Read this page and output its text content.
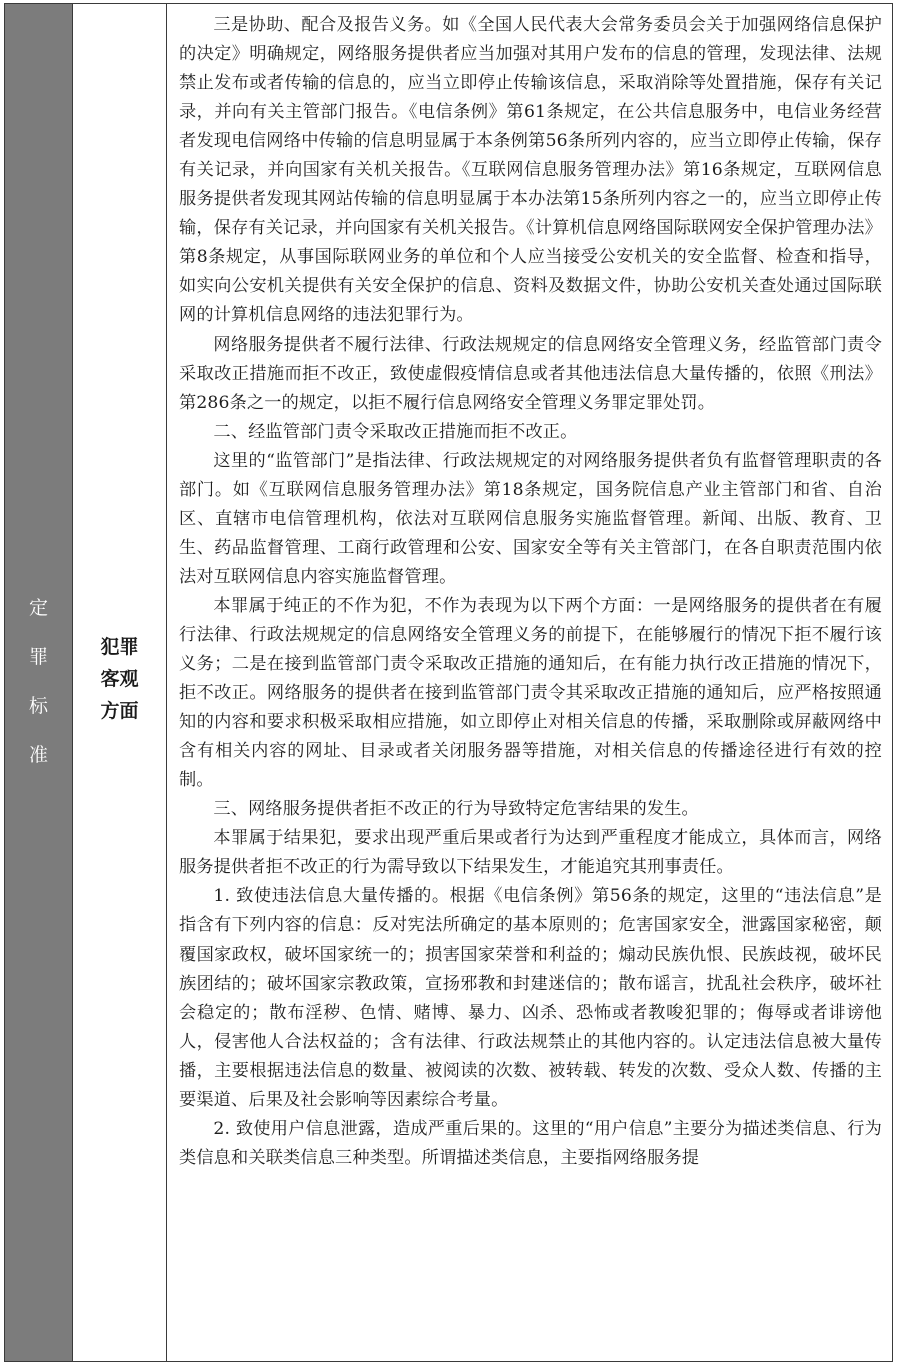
定
罪
标
准
犯罪
客观
方面

三是协助、配合及报告义务。如《全国人民代表大会常务委员会关于加强网络信息保护的决定》明确规定，网络服务提供者应当加强对其用户发布的信息的管理，发现法律、法规禁止发布或者传输的信息的，应当立即停止传输该信息，采取消除等处置措施，保存有关记录，并向有关主管部门报告。《电信条例》第61条规定，在公共信息服务中，电信业务经营者发现电信网络中传输的信息明显属于本条例第56条所列内容的，应当立即停止传输，保存有关记录，并向国家有关机关报告。《互联网信息服务管理办法》第16条规定，互联网信息服务提供者发现其网站传输的信息明显属于本办法第15条所列内容之一的，应当立即停止传输，保存有关记录，并向国家有关机关报告。《计算机信息网络国际联网安全保护管理办法》第8条规定，从事国际联网业务的单位和个人应当接受公安机关的安全监督、检查和指导，如实向公安机关提供有关安全保护的信息、资料及数据文件，协助公安机关查处通过国际联网的计算机信息网络的违法犯罪行为。

网络服务提供者不履行法律、行政法规规定的信息网络安全管理义务，经监管部门责令采取改正措施而拒不改正，致使虚假疫情信息或者其他违法信息大量传播的，依照《刑法》第286条之一的规定，以拒不履行信息网络安全管理义务罪定罪处罚。

二、经监管部门责令采取改正措施而拒不改正。

这里的“监管部门”是指法律、行政法规规定的对网络服务提供者负有监督管理职责的各部门。如《互联网信息服务管理办法》第18条规定，国务院信息产业主管部门和省、自治区、直辖市电信管理机构，依法对互联网信息服务实施监督管理。新闻、出版、教育、卫生、药品监督管理、工商行政管理和公安、国家安全等有关主管部门，在各自职责范围内依法对互联网信息内容实施监督管理。

本罪属于纯正的不作为犯，不作为表现为以下两个方面：一是网络服务的提供者在有履行法律、行政法规规定的信息网络安全管理义务的前提下，在能够履行的情况下拒不履行该义务；二是在接到监管部门责令采取改正措施的通知后，在有能力执行改正措施的情况下，拒不改正。网络服务的提供者在接到监管部门责令其采取改正措施的通知后，应严格按照通知的内容和要求积极采取相应措施，如立即停止对相关信息的传播，采取删除或屏蔽网络中含有相关内容的网址、目录或者关闭服务器等措施，对相关信息的传播途径进行有效的控制。

三、网络服务提供者拒不改正的行为导致特定危害结果的发生。

本罪属于结果犯，要求出现严重后果或者行为达到严重程度才能成立，具体而言，网络服务提供者拒不改正的行为需导致以下结果发生，才能追究其刑事责任。

1. 致使违法信息大量传播的。根据《电信条例》第56条的规定，这里的“违法信息”是指含有下列内容的信息：反对宪法所确定的基本原则的；危害国家安全，泄露国家秘密，颠覆国家政权，破坏国家统一的；损害国家荣誉和利益的；煽动民族仇恨、民族歧视，破坏民族团结的；破坏国家宗教政策，宣扬邪教和封建迷信的；散布谣言，扰乱社会秩序，破坏社会稳定的；散布淫秽、色情、赌博、暴力、凶杀、恐怖或者教唆犯罪的；侮辱或者诽谤他人，侵害他人合法权益的；含有法律、行政法规禁止的其他内容的。认定违法信息被大量传播，主要根据违法信息的数量、被阅读的次数、被转载、转发的次数、受众人数、传播的主要渠道、后果及社会影响等因素综合考量。

2. 致使用户信息泄露，造成严重后果的。这里的“用户信息”主要分为描述类信息、行为类信息和关联类信息三种类型。所谓描述类信息，主要指网络服务提
